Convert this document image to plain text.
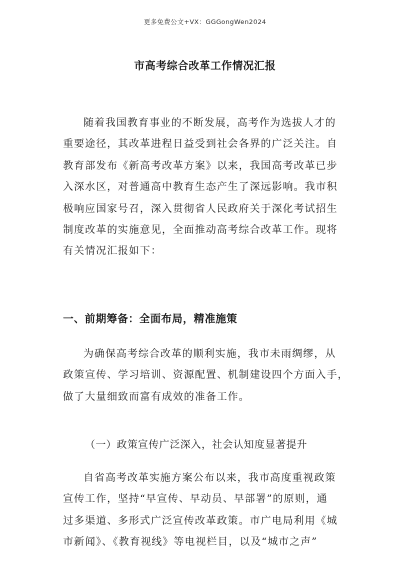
更多免费公文+VX：GGGongWen2024
市高考综合改革工作情况汇报
随着我国教育事业的不断发展，高考作为选拔人才的
重要途径，其改革进程日益受到社会各界的广泛关注。自
教育部发布《新高考改革方案》以来，我国高考改革已步
入深水区，对普通高中教育生态产生了深远影响。我市积
极响应国家号召，深入贯彻省人民政府关于深化考试招生
制度改革的实施意见，全面推动高考综合改革工作。现将
有关情况汇报如下：
一、前期筹备：全面布局，精准施策
为确保高考综合改革的顺利实施，我市未雨绸缪，从
政策宣传、学习培训、资源配置、机制建设四个方面入手，
做了大量细致而富有成效的准备工作。
（一）政策宣传广泛深入，社会认知度显著提升
自省高考改革实施方案公布以来，我市高度重视政策
宣传工作，坚持“早宣传、早动员、早部署”的原则，通
过多渠道、多形式广泛宣传改革政策。市广电局利用《城
市新闻》、《教育视线》等电视栏目，以及“城市之声”
